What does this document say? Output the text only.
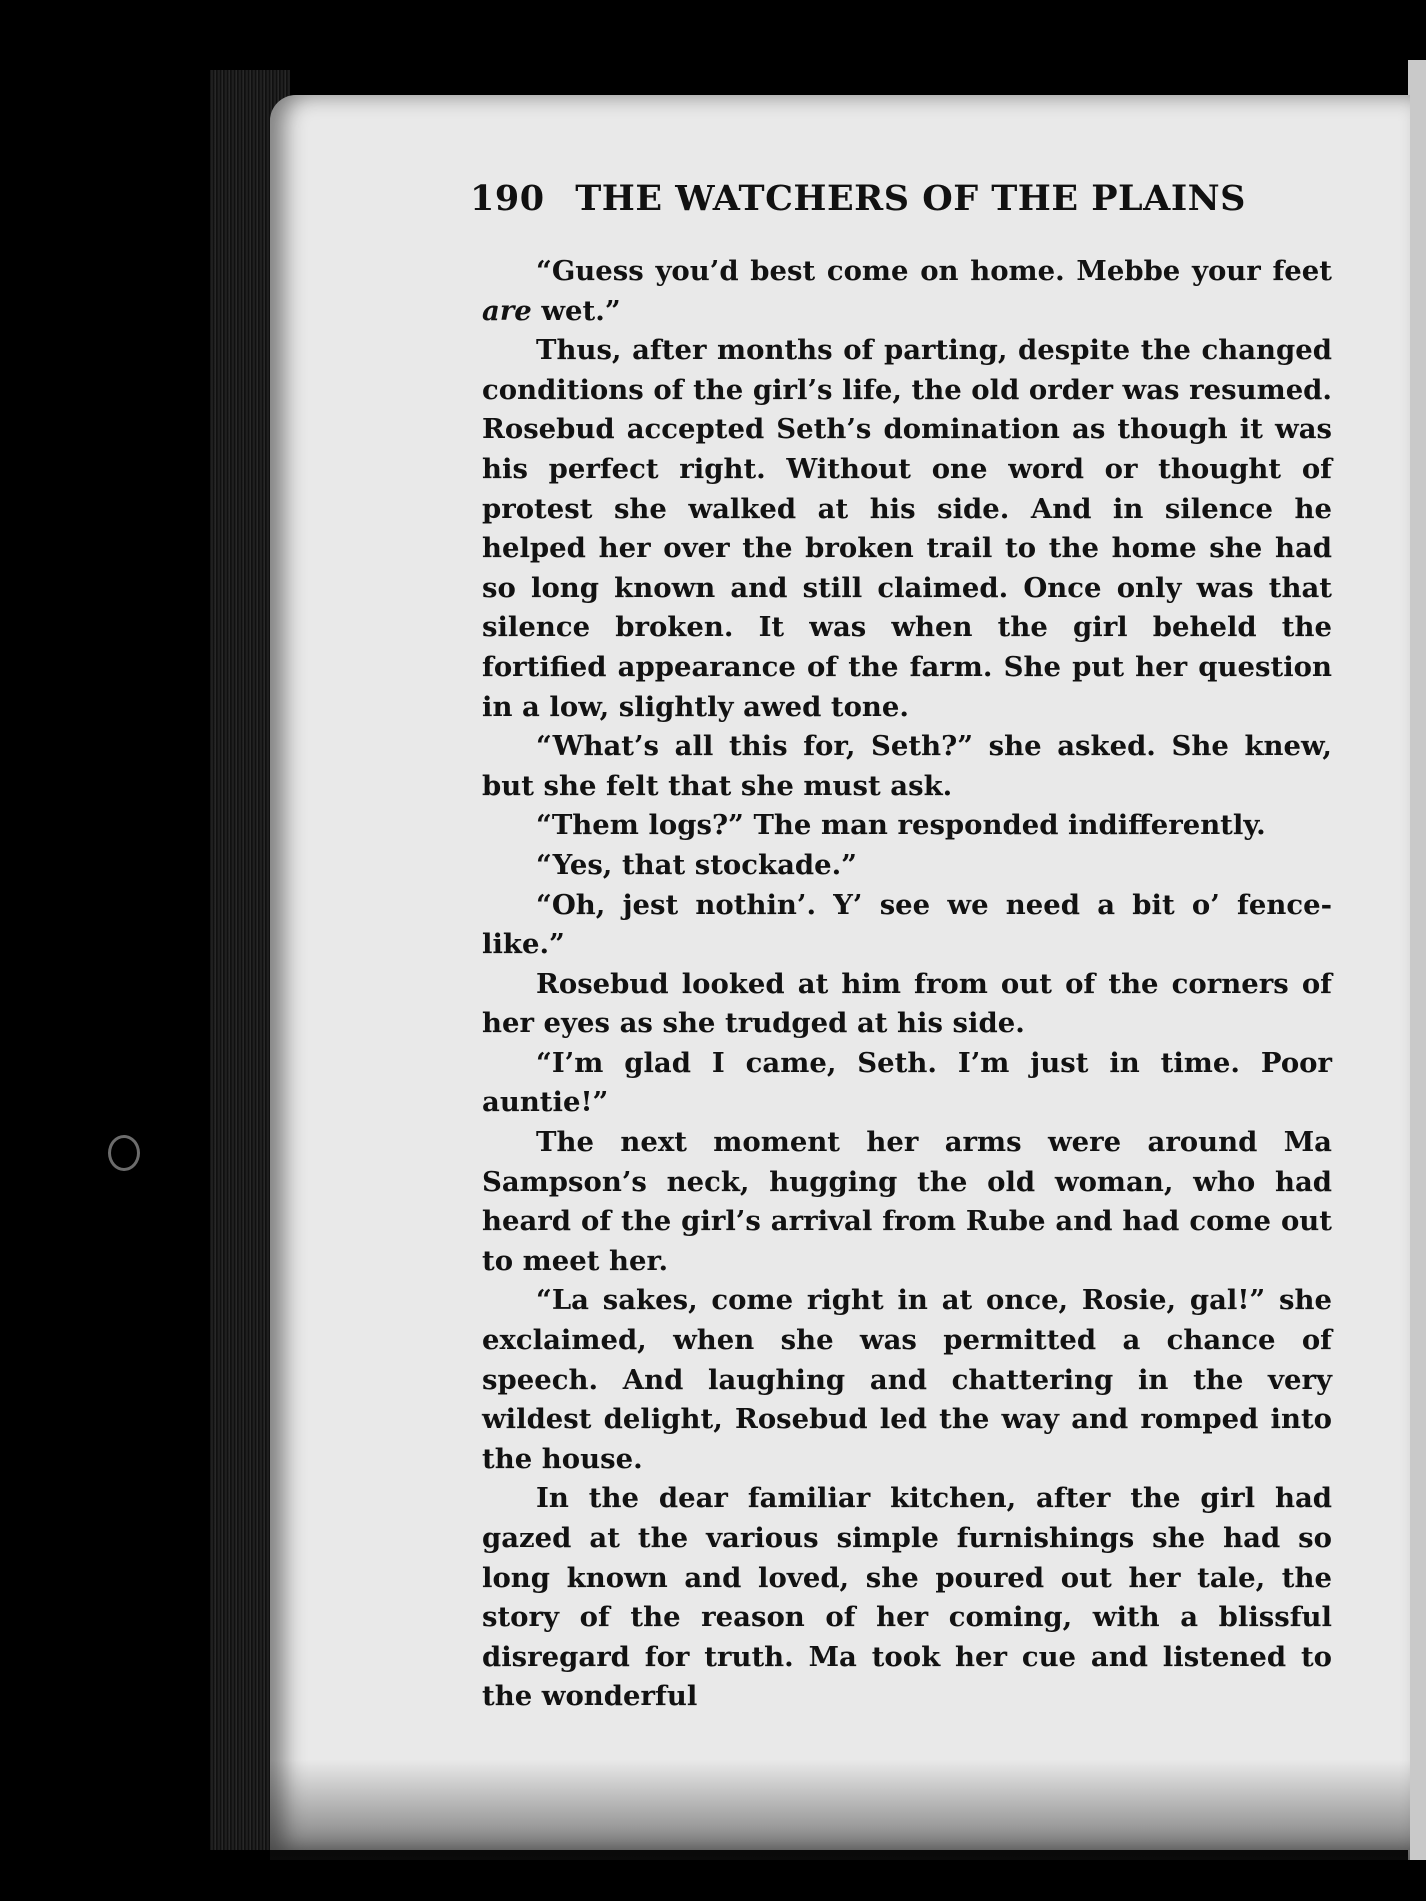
190 THE WATCHERS OF THE PLAINS

“Guess you’d best come on home. Mebbe your feet are wet.”

Thus, after months of parting, despite the changed conditions of the girl’s life, the old order was resumed. Rosebud accepted Seth’s domination as though it was his perfect right. Without one word or thought of protest she walked at his side. And in silence he helped her over the broken trail to the home she had so long known and still claimed. Once only was that silence broken. It was when the girl beheld the fortified appearance of the farm. She put her question in a low, slightly awed tone.

“What’s all this for, Seth?” she asked. She knew, but she felt that she must ask.

“Them logs?” The man responded indifferently.

“Yes, that stockade.”

“Oh, jest nothin’. Y’ see we need a bit o’ fence-like.”

Rosebud looked at him from out of the corners of her eyes as she trudged at his side.

“I’m glad I came, Seth. I’m just in time. Poor auntie!”

The next moment her arms were around Ma Sampson’s neck, hugging the old woman, who had heard of the girl’s arrival from Rube and had come out to meet her.

“La sakes, come right in at once, Rosie, gal!” she exclaimed, when she was permitted a chance of speech. And laughing and chattering in the very wildest delight, Rosebud led the way and romped into the house.

In the dear familiar kitchen, after the girl had gazed at the various simple furnishings she had so long known and loved, she poured out her tale, the story of the reason of her coming, with a blissful disregard for truth. Ma took her cue and listened to the wonderful
